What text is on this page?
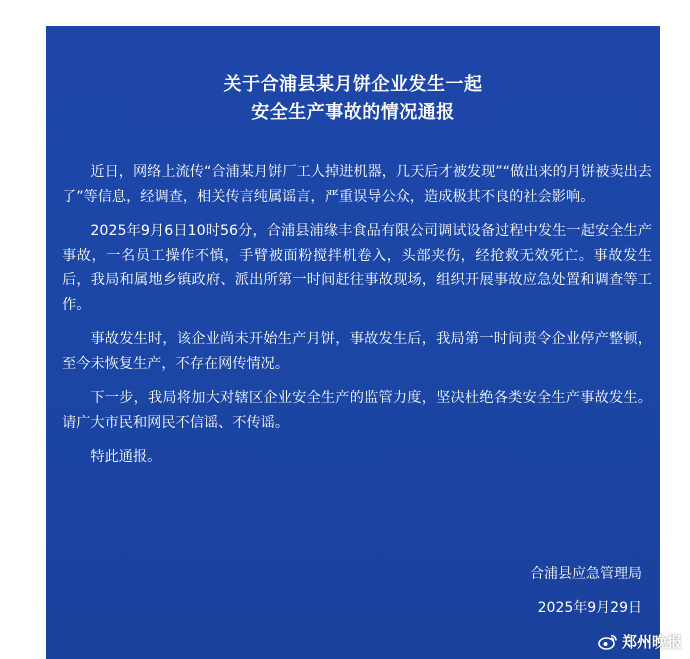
关于合浦县某月饼企业发生一起
安全生产事故的情况通报

近日，网络上流传“合浦某月饼厂工人掉进机器，几天后才被发现”“做出来的月饼被卖出去了”等信息，经调查，相关传言纯属谣言，严重误导公众，造成极其不良的社会影响。

2025年9月6日10时56分，合浦县浦缘丰食品有限公司调试设备过程中发生一起安全生产事故，一名员工操作不慎，手臂被面粉搅拌机卷入，头部夹伤，经抢救无效死亡。事故发生后，我局和属地乡镇政府、派出所第一时间赶往事故现场，组织开展事故应急处置和调查等工作。

事故发生时，该企业尚未开始生产月饼，事故发生后，我局第一时间责令企业停产整顿，至今未恢复生产，不存在网传情况。

下一步，我局将加大对辖区企业安全生产的监管力度，坚决杜绝各类安全生产事故发生。请广大市民和网民不信谣、不传谣。

特此通报。

合浦县应急管理局
2025年9月29日
郑州晚报
